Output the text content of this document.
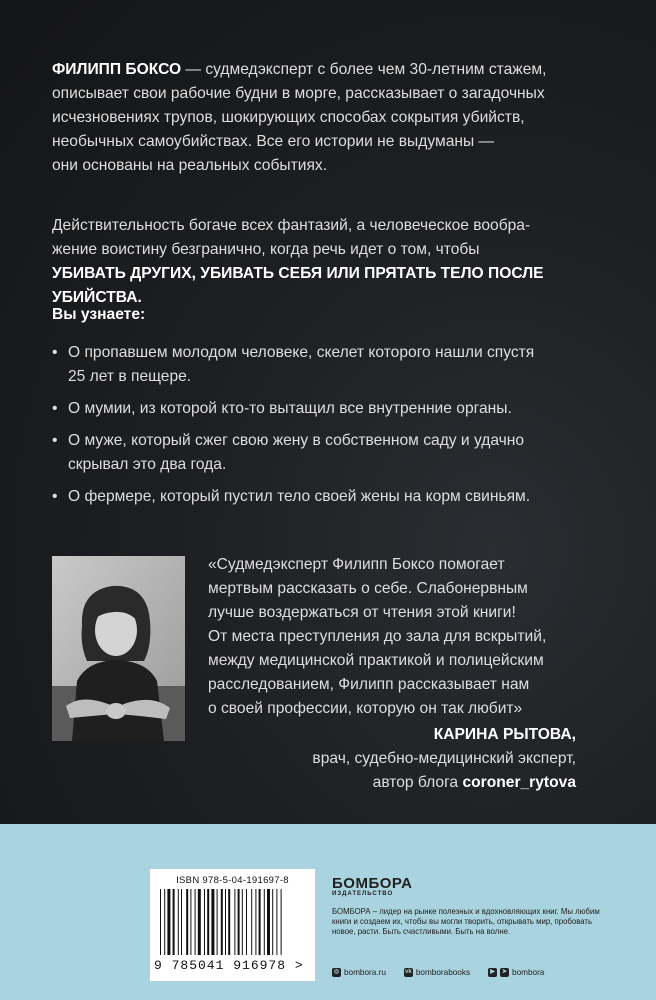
ФИЛИПП БОКСО — судмедэксперт с более чем 30-летним стажем,
описывает свои рабочие будни в морге, рассказывает о загадочных
исчезновениях трупов, шокирующих способах сокрытия убийств,
необычных самоубийствах. Все его истории не выдуманы —
они основаны на реальных событиях.

Действительность богаче всех фантазий, а человеческое вообра-
жение воистину безгранично, когда речь идет о том, чтобы
УБИВАТЬ ДРУГИХ, УБИВАТЬ СЕБЯ ИЛИ ПРЯТАТЬ ТЕЛО ПОСЛЕ УБИЙСТВА.

Вы узнаете:

• О пропавшем молодом человеке, скелет которого нашли спустя
25 лет в пещере.

• О мумии, из которой кто-то вытащил все внутренние органы.

• О муже, который сжег свою жену в собственном саду и удачно
скрывал это два года.

• О фермере, который пустил тело своей жены на корм свиньям.

«Судмедэксперт Филипп Боксо помогает
мертвым рассказать о себе. Слабонервным
лучше воздержаться от чтения этой книги!
От места преступления до зала для вскрытий,
между медицинской практикой и полицейским
расследованием, Филипп рассказывает нам
о своей профессии, которую он так любит»

КАРИНА РЫТОВА,
врач, судебно-медицинский эксперт,
автор блога coroner_rytova

ISBN 978-5-04-191697-8
9 785041 916978 >
БОМБОРА
ИЗДАТЕЛЬСТВО
БОМБОРА – лидер на рынке полезных и вдохновляющих книг. Мы любим книги и создаем их, чтобы вы могли творить, открывать мир, пробовать новое, расти. Быть счастливыми. Быть на волне.
◎ bombora.ru	vk bomborabooks	▶	➤ bombora
